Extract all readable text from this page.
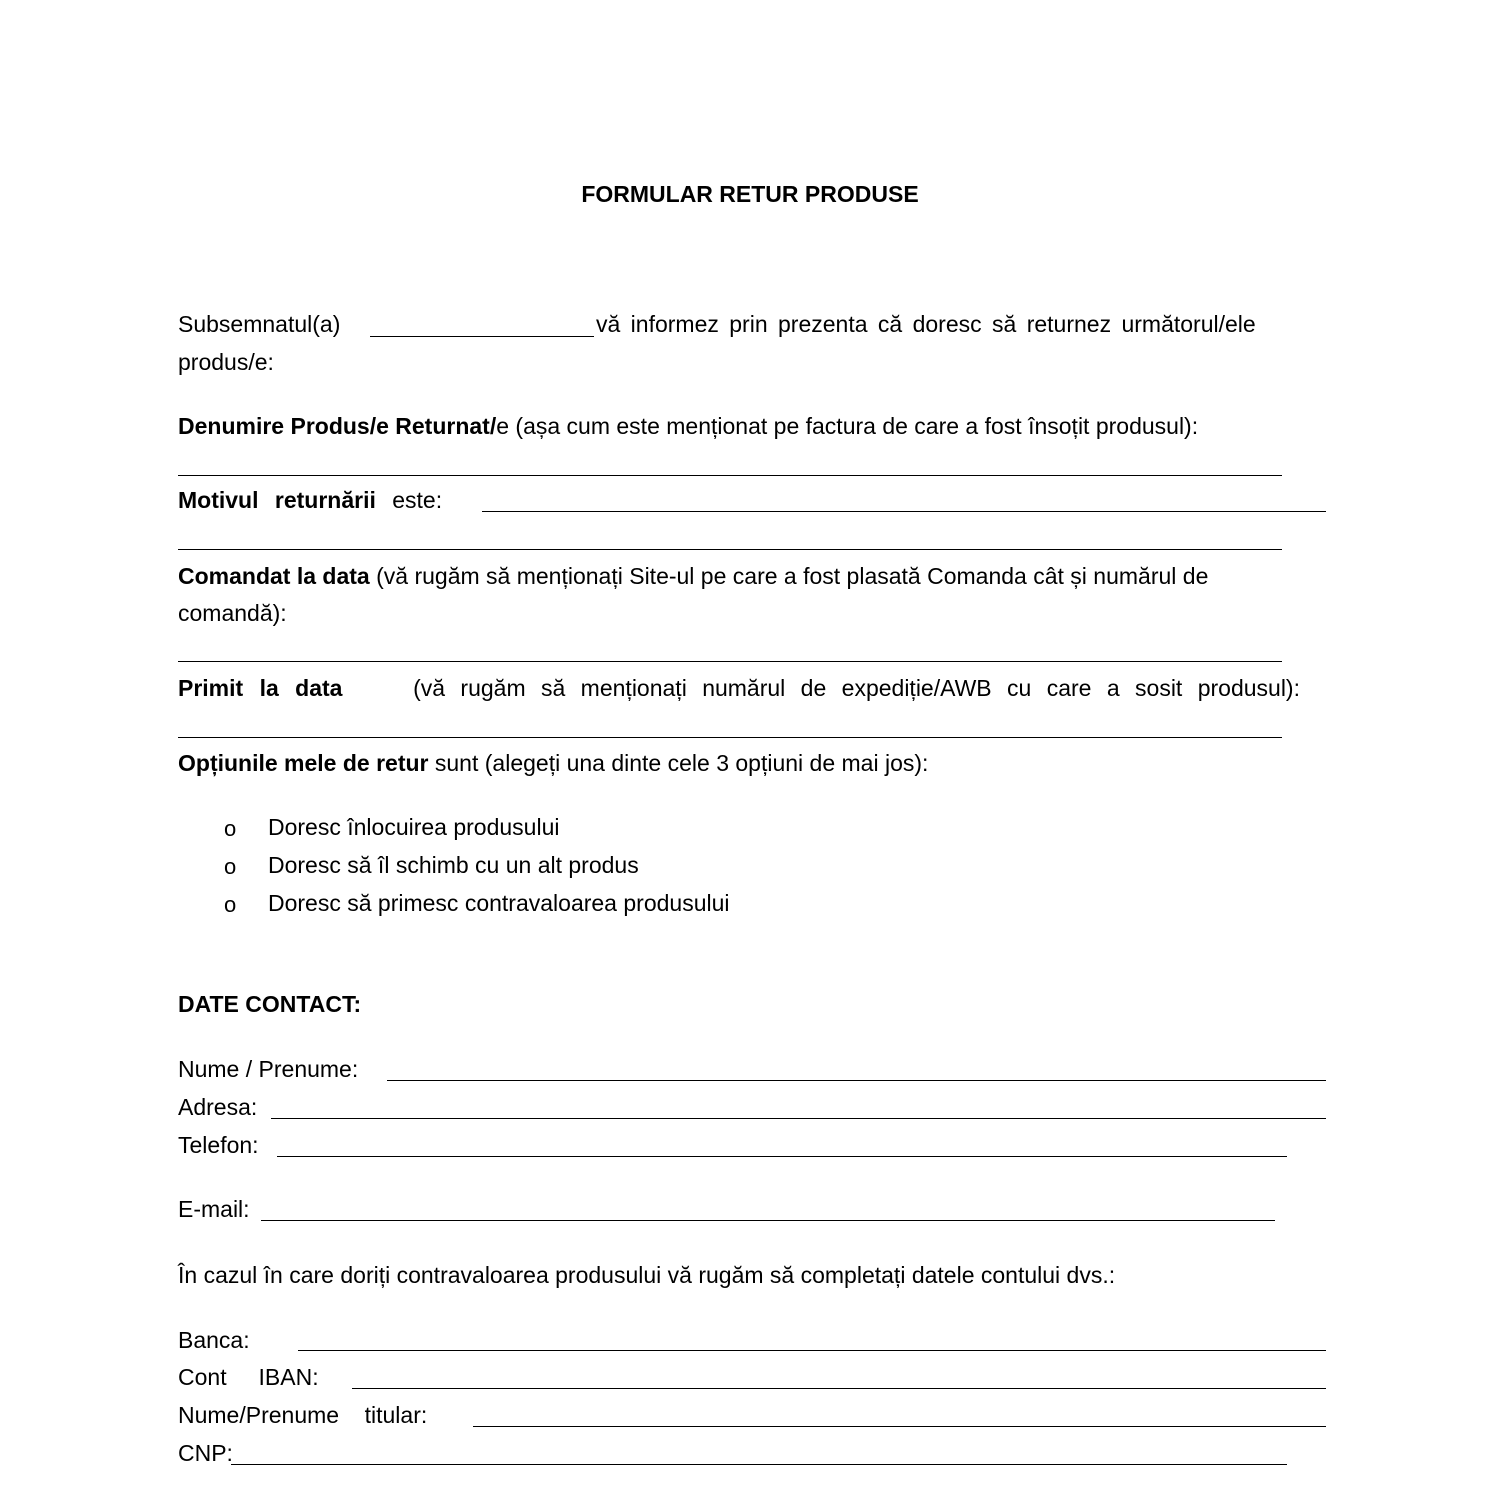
FORMULAR RETUR PRODUSE
Subsemnatul(a)	vă informez prin prezenta că doresc să returnez următorul/ele
produs/e:
Denumire Produs/e Returnat/e (așa cum este menționat pe factura de care a fost însoțit produsul):
Motivul returnării este:
Comandat la data (vă rugăm să menționați Site-ul pe care a fost plasată Comanda cât și numărul de
comandă):
Primit la data	(vă rugăm să menționați numărul de expediție/AWB cu care a sosit produsul):
Opțiunile mele de retur sunt (alegeți una dinte cele 3 opțiuni de mai jos):
o Doresc înlocuirea produsului
o Doresc să îl schimb cu un alt produs
o Doresc să primesc contravaloarea produsului
DATE CONTACT:
Nume / Prenume:
Adresa:
Telefon:
E-mail:
În cazul în care doriți contravaloarea produsului vă rugăm să completați datele contului dvs.:
Banca:
Cont     IBAN:
Nume/Prenume    titular:
CNP:
